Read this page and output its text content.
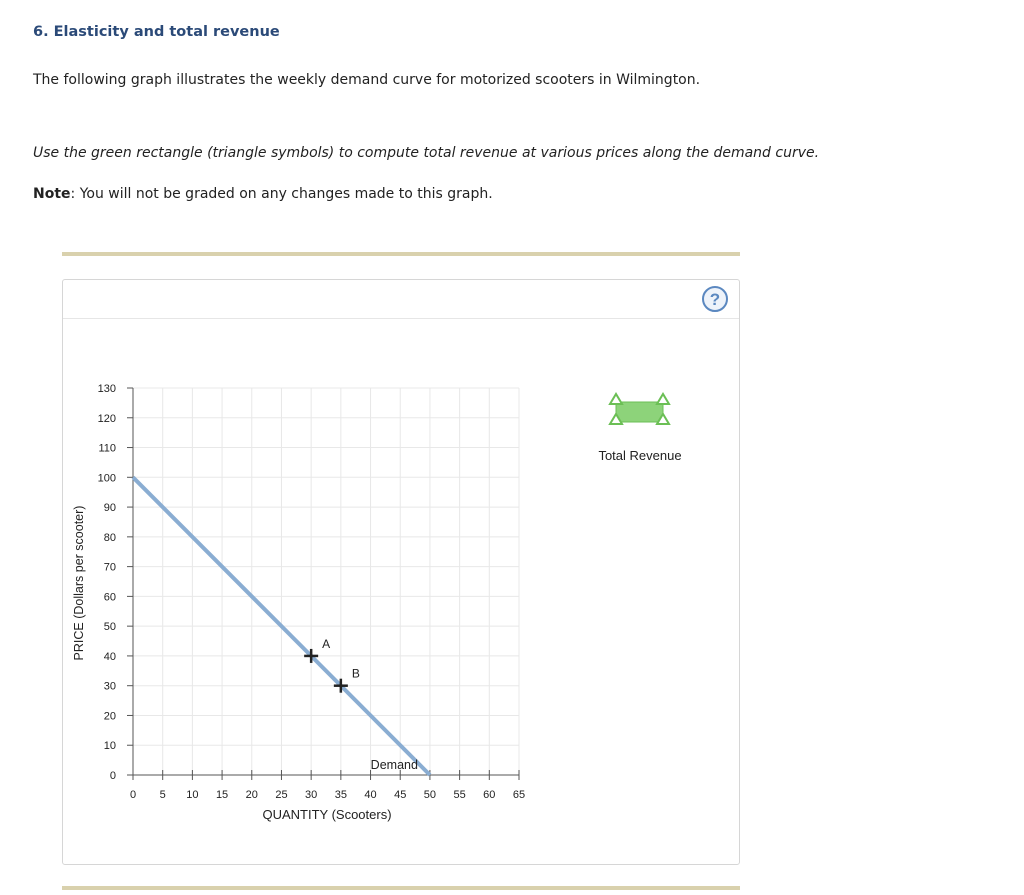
6. Elasticity and total revenue

The following graph illustrates the weekly demand curve for motorized scooters in Wilmington.

Use the green rectangle (triangle symbols) to compute total revenue at various prices along the demand curve.

Note: You will not be graded on any changes made to this graph.

?
0
10
20
30
40
50
60
70
80
90
100
110
120
130
0 5 10 15 20 25 30 35 40 45 50 55 60 65
Demand
A
B
PRICE (Dollars per scooter)
QUANTITY (Scooters)
Total Revenue
